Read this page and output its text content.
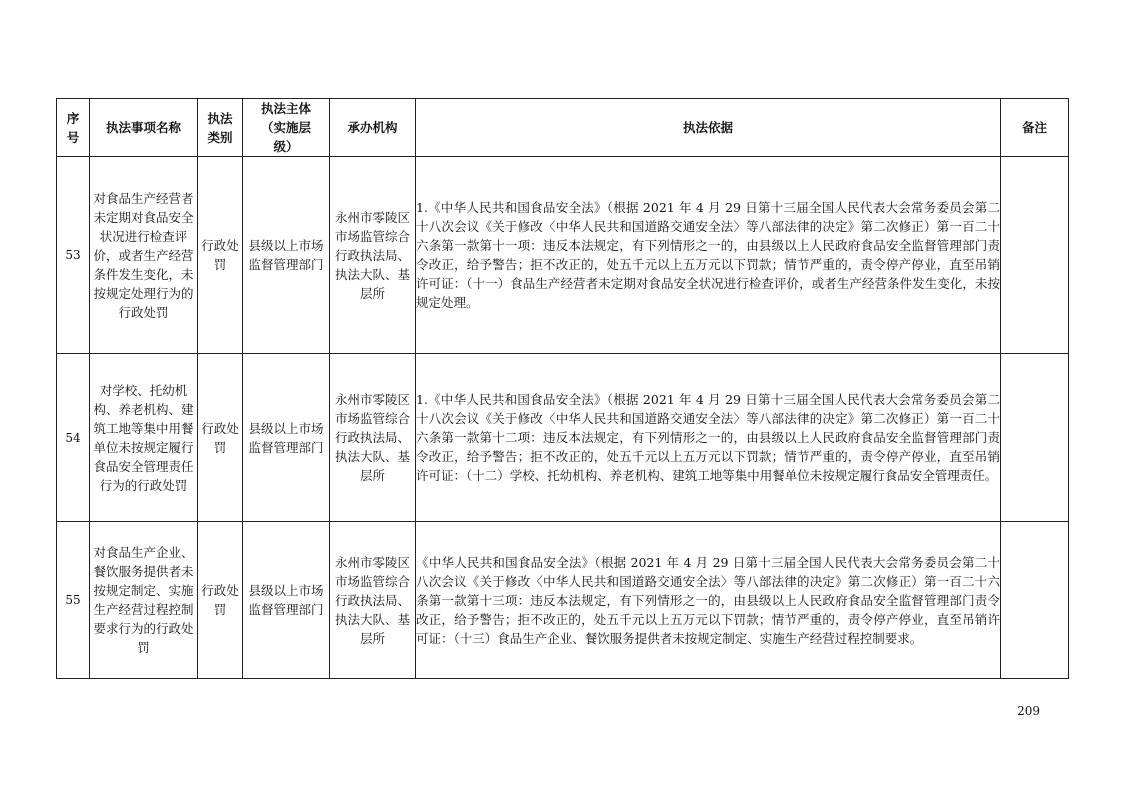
序号	执法事项名称	执法类别	执法主体（实施层级）	承办机构	执法依据	备注
53	对食品生产经营者未定期对食品安全状况进行检查评价，或者生产经营条件发生变化，未按规定处理行为的行政处罚	行政处罚	县级以上市场监督管理部门	永州市零陵区市场监管综合行政执法局、执法大队、基层所	1.《中华人民共和国食品安全法》（根据 2021 年 4 月 29 日第十三届全国人民代表大会常务委员会第二十八次会议《关于修改〈中华人民共和国道路交通安全法〉等八部法律的决定》第二次修正）第一百二十六条第一款第十一项：违反本法规定，有下列情形之一的，由县级以上人民政府食品安全监督管理部门责令改正，给予警告；拒不改正的，处五千元以上五万元以下罚款；情节严重的，责令停产停业，直至吊销许可证：（十一）食品生产经营者未定期对食品安全状况进行检查评价，或者生产经营条件发生变化，未按规定处理。	

54	对学校、托幼机构、养老机构、建筑工地等集中用餐单位未按规定履行食品安全管理责任行为的行政处罚	行政处罚	县级以上市场监督管理部门	永州市零陵区市场监管综合行政执法局、执法大队、基层所	1.《中华人民共和国食品安全法》（根据 2021 年 4 月 29 日第十三届全国人民代表大会常务委员会第二十八次会议《关于修改〈中华人民共和国道路交通安全法〉等八部法律的决定》第二次修正）第一百二十六条第一款第十二项：违反本法规定，有下列情形之一的，由县级以上人民政府食品安全监督管理部门责令改正，给予警告；拒不改正的，处五千元以上五万元以下罚款；情节严重的，责令停产停业，直至吊销许可证：（十二）学校、托幼机构、养老机构、建筑工地等集中用餐单位未按规定履行食品安全管理责任。	

55	对食品生产企业、餐饮服务提供者未按规定制定、实施生产经营过程控制要求行为的行政处罚	行政处罚	县级以上市场监督管理部门	永州市零陵区市场监管综合行政执法局、执法大队、基层所	《中华人民共和国食品安全法》（根据 2021 年 4 月 29 日第十三届全国人民代表大会常务委员会第二十八次会议《关于修改〈中华人民共和国道路交通安全法〉等八部法律的决定》第二次修正）第一百二十六条第一款第十三项：违反本法规定，有下列情形之一的，由县级以上人民政府食品安全监督管理部门责令改正，给予警告；拒不改正的，处五千元以上五万元以下罚款；情节严重的，责令停产停业，直至吊销许可证：（十三）食品生产企业、餐饮服务提供者未按规定制定、实施生产经营过程控制要求。	

209
